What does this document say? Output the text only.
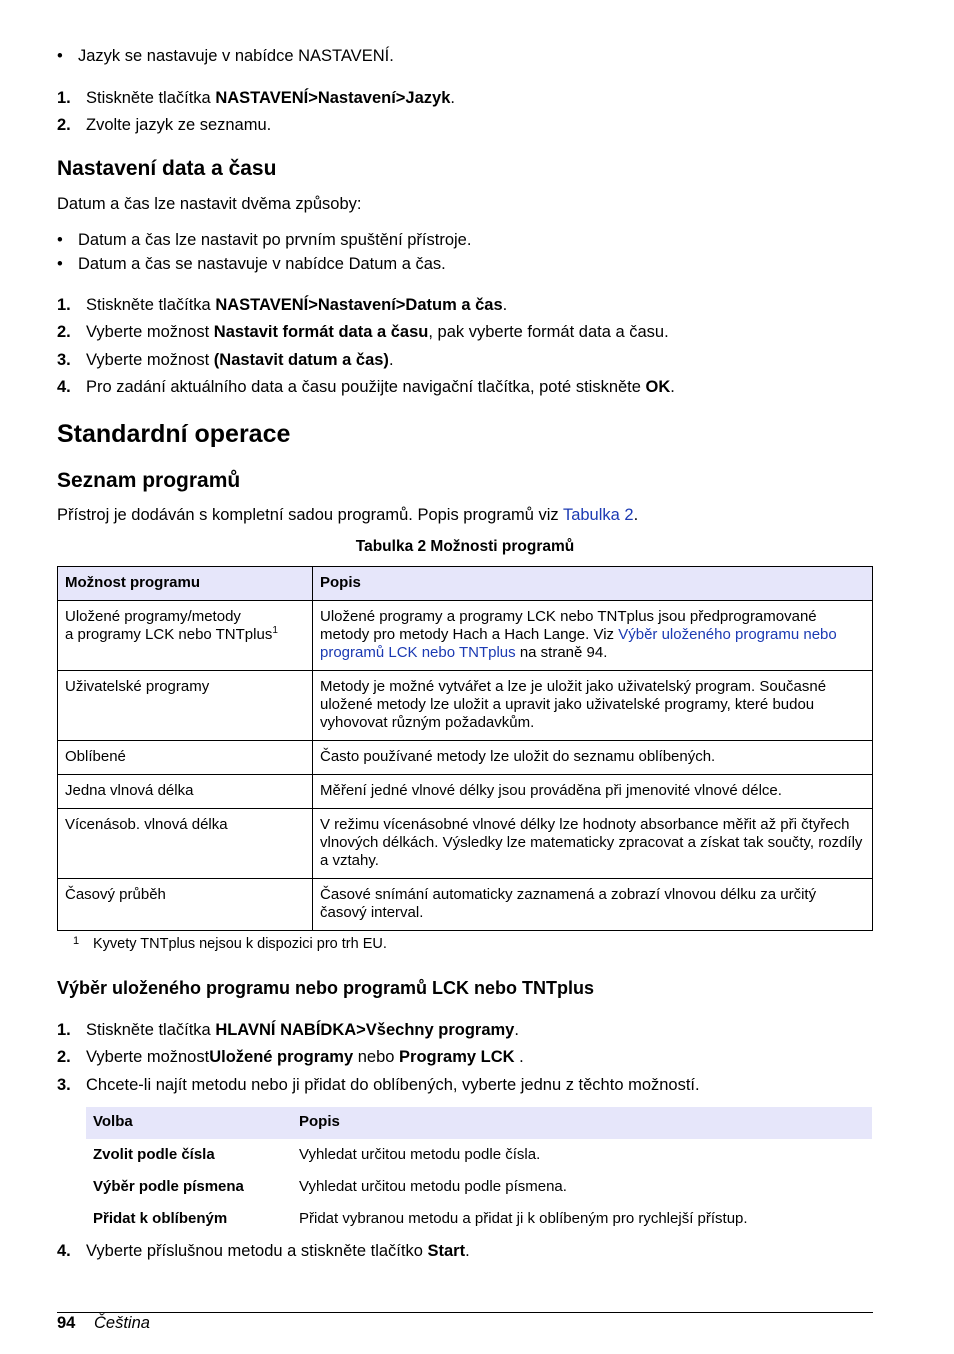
• Jazyk se nastavuje v nabídce NASTAVENÍ.
1. Stiskněte tlačítka NASTAVENÍ>Nastavení>Jazyk.
2. Zvolte jazyk ze seznamu.
Nastavení data a času
Datum a čas lze nastavit dvěma způsoby:
• Datum a čas lze nastavit po prvním spuštění přístroje.
• Datum a čas se nastavuje v nabídce Datum a čas.
1. Stiskněte tlačítka NASTAVENÍ>Nastavení>Datum a čas.
2. Vyberte možnost Nastavit formát data a času, pak vyberte formát data a času.
3. Vyberte možnost (Nastavit datum a čas).
4. Pro zadání aktuálního data a času použijte navigační tlačítka, poté stiskněte OK.
Standardní operace
Seznam programů
Přístroj je dodáván s kompletní sadou programů. Popis programů viz Tabulka 2.
Tabulka 2 Možnosti programů
Možnost programu	Popis
Uložené programy/metody
a programy LCK nebo TNTplus$^1$	Uložené programy a programy LCK nebo TNTplus jsou předprogramované metody pro metody Hach a Hach Lange. Viz Výběr uloženého programu nebo programů LCK nebo TNTplus na straně 94.
Uživatelské programy	Metody je možné vytvářet a lze je uložit jako uživatelský program. Současné uložené metody lze uložit a upravit jako uživatelské programy, které budou vyhovovat různým požadavkům.
Oblíbené	Často používané metody lze uložit do seznamu oblíbených.
Jedna vlnová délka	Měření jedné vlnové délky jsou prováděna při jmenovité vlnové délce.
Vícenásob. vlnová délka	V režimu vícenásobné vlnové délky lze hodnoty absorbance měřit až při čtyřech vlnových délkách. Výsledky lze matematicky zpracovat a získat tak součty, rozdíly a vztahy.
Časový průběh	Časové snímání automaticky zaznamená a zobrazí vlnovou délku za určitý časový interval.
1 Kyvety TNTplus nejsou k dispozici pro trh EU.
Výběr uloženého programu nebo programů LCK nebo TNTplus
1. Stiskněte tlačítka HLAVNÍ NABÍDKA>Všechny programy.
2. Vyberte možnostUložené programy nebo Programy LCK .
3. Chcete-li najít metodu nebo ji přidat do oblíbených, vyberte jednu z těchto možností.
Volba	Popis
Zvolit podle čísla	Vyhledat určitou metodu podle čísla.
Výběr podle písmena	Vyhledat určitou metodu podle písmena.
Přidat k oblíbeným	Přidat vybranou metodu a přidat ji k oblíbeným pro rychlejší přístup.
4. Vyberte příslušnou metodu a stiskněte tlačítko Start.
94 Čeština
